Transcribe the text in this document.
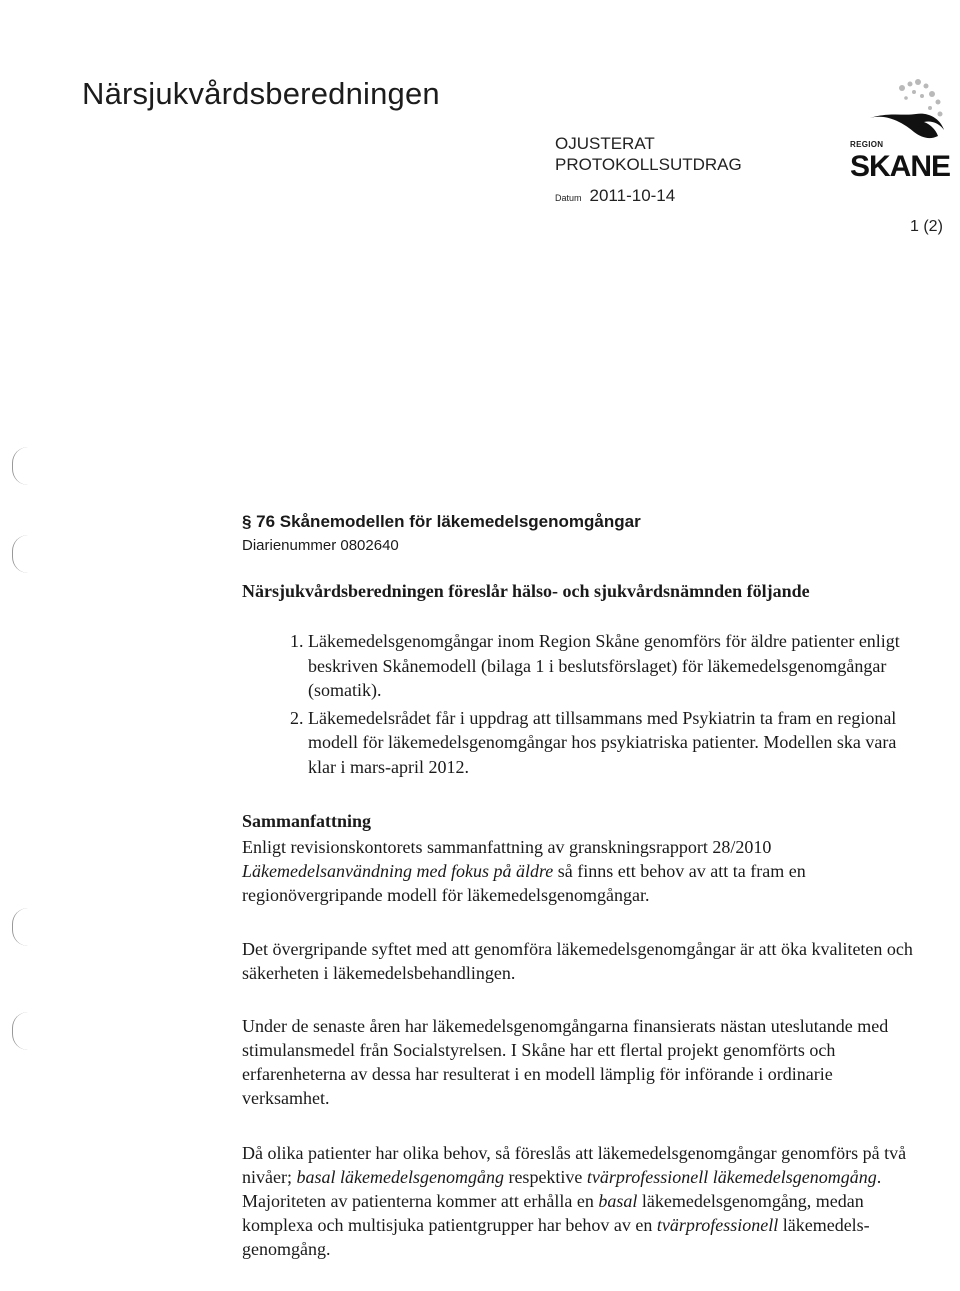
Närsjukvårdsberedningen
OJUSTERAT
PROTOKOLLSUTDRAG
Datum 2011-10-14
1 (2)
REGION
SKANE
§ 76 Skånemodellen för läkemedelsgenomgångar
Diarienummer 0802640
Närsjukvårdsberedningen föreslår hälso- och sjukvårdsnämnden följande
1. Läkemedelsgenomgångar inom Region Skåne genomförs för äldre patienter enligt beskriven Skånemodell (bilaga 1 i beslutsförslaget) för läkemedelsgenomgångar (somatik).
2. Läkemedelsrådet får i uppdrag att tillsammans med Psykiatrin ta fram en regional modell för läkemedelsgenomgångar hos psykiatriska patienter. Modellen ska vara klar i mars-april 2012.
Sammanfattning
Enligt revisionskontorets sammanfattning av granskningsrapport 28/2010 Läkemedelsanvändning med fokus på äldre så finns ett behov av att ta fram en regionövergripande modell för läkemedelsgenomgångar.
Det övergripande syftet med att genomföra läkemedelsgenomgångar är att öka kvaliteten och säkerheten i läkemedelsbehandlingen.
Under de senaste åren har läkemedelsgenomgångarna finansierats nästan uteslutande med stimulansmedel från Socialstyrelsen. I Skåne har ett flertal projekt genomförts och erfarenheterna av dessa har resulterat i en modell lämplig för införande i ordinarie verksamhet.
Då olika patienter har olika behov, så föreslås att läkemedelsgenomgångar genomförs på två nivåer; basal läkemedelsgenomgång respektive tvärprofessionell läkemedelsgenomgång. Majoriteten av patienterna kommer att erhålla en basal läkemedelsgenomgång, medan komplexa och multisjuka patientgrupper har behov av en tvärprofessionell läkemedels-genomgång.
